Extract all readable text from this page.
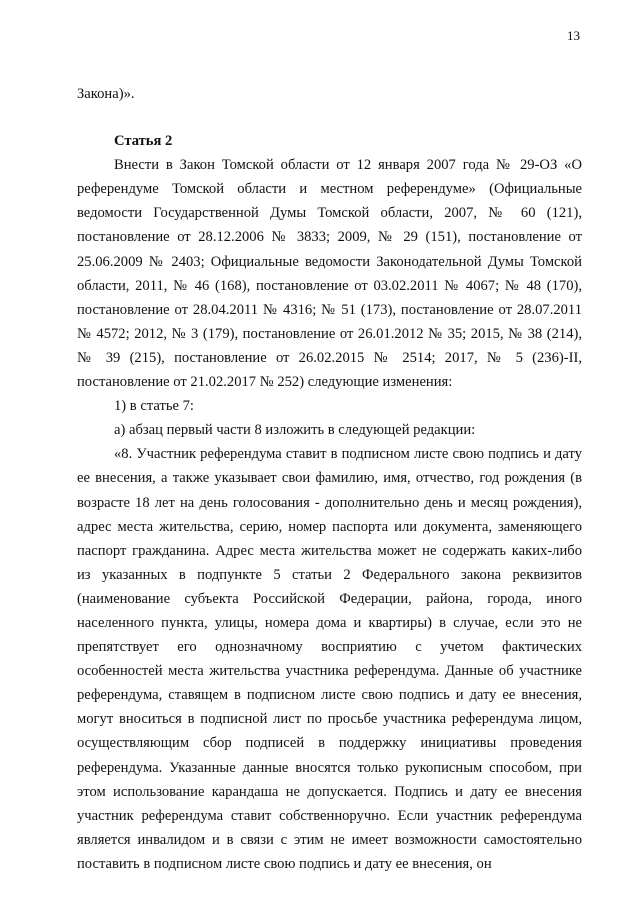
13

Закона)».

Статья 2

Внести в Закон Томской области от 12 января 2007 года № 29-ОЗ «О референдуме Томской области и местном референдуме» (Официальные ведомости Государственной Думы Томской области, 2007, № 60 (121), постановление от 28.12.2006 № 3833; 2009, № 29 (151), постановление от 25.06.2009 № 2403; Официальные ведомости Законодательной Думы Томской области, 2011, № 46 (168), постановление от 03.02.2011 № 4067; № 48 (170), постановление от 28.04.2011 № 4316; № 51 (173), постановление от 28.07.2011 № 4572; 2012, № 3 (179), постановление от 26.01.2012 № 35; 2015, № 38 (214), № 39 (215), постановление от 26.02.2015 № 2514; 2017, № 5 (236)-II, постановление от 21.02.2017 № 252) следующие изменения:

1) в статье 7:

а) абзац первый части 8 изложить в следующей редакции:

«8. Участник референдума ставит в подписном листе свою подпись и дату ее внесения, а также указывает свои фамилию, имя, отчество, год рождения (в возрасте 18 лет на день голосования - дополнительно день и месяц рождения), адрес места жительства, серию, номер паспорта или документа, заменяющего паспорт гражданина. Адрес места жительства может не содержать каких-либо из указанных в подпункте 5 статьи 2 Федерального закона реквизитов (наименование субъекта Российской Федерации, района, города, иного населенного пункта, улицы, номера дома и квартиры) в случае, если это не препятствует его однозначному восприятию с учетом фактических особенностей места жительства участника референдума. Данные об участнике референдума, ставящем в подписном листе свою подпись и дату ее внесения, могут вноситься в подписной лист по просьбе участника референдума лицом, осуществляющим сбор подписей в поддержку инициативы проведения референдума. Указанные данные вносятся только рукописным способом, при этом использование карандаша не допускается. Подпись и дату ее внесения участник референдума ставит собственноручно. Если участник референдума является инвалидом и в связи с этим не имеет возможности самостоятельно поставить в подписном листе свою подпись и дату ее внесения, он
